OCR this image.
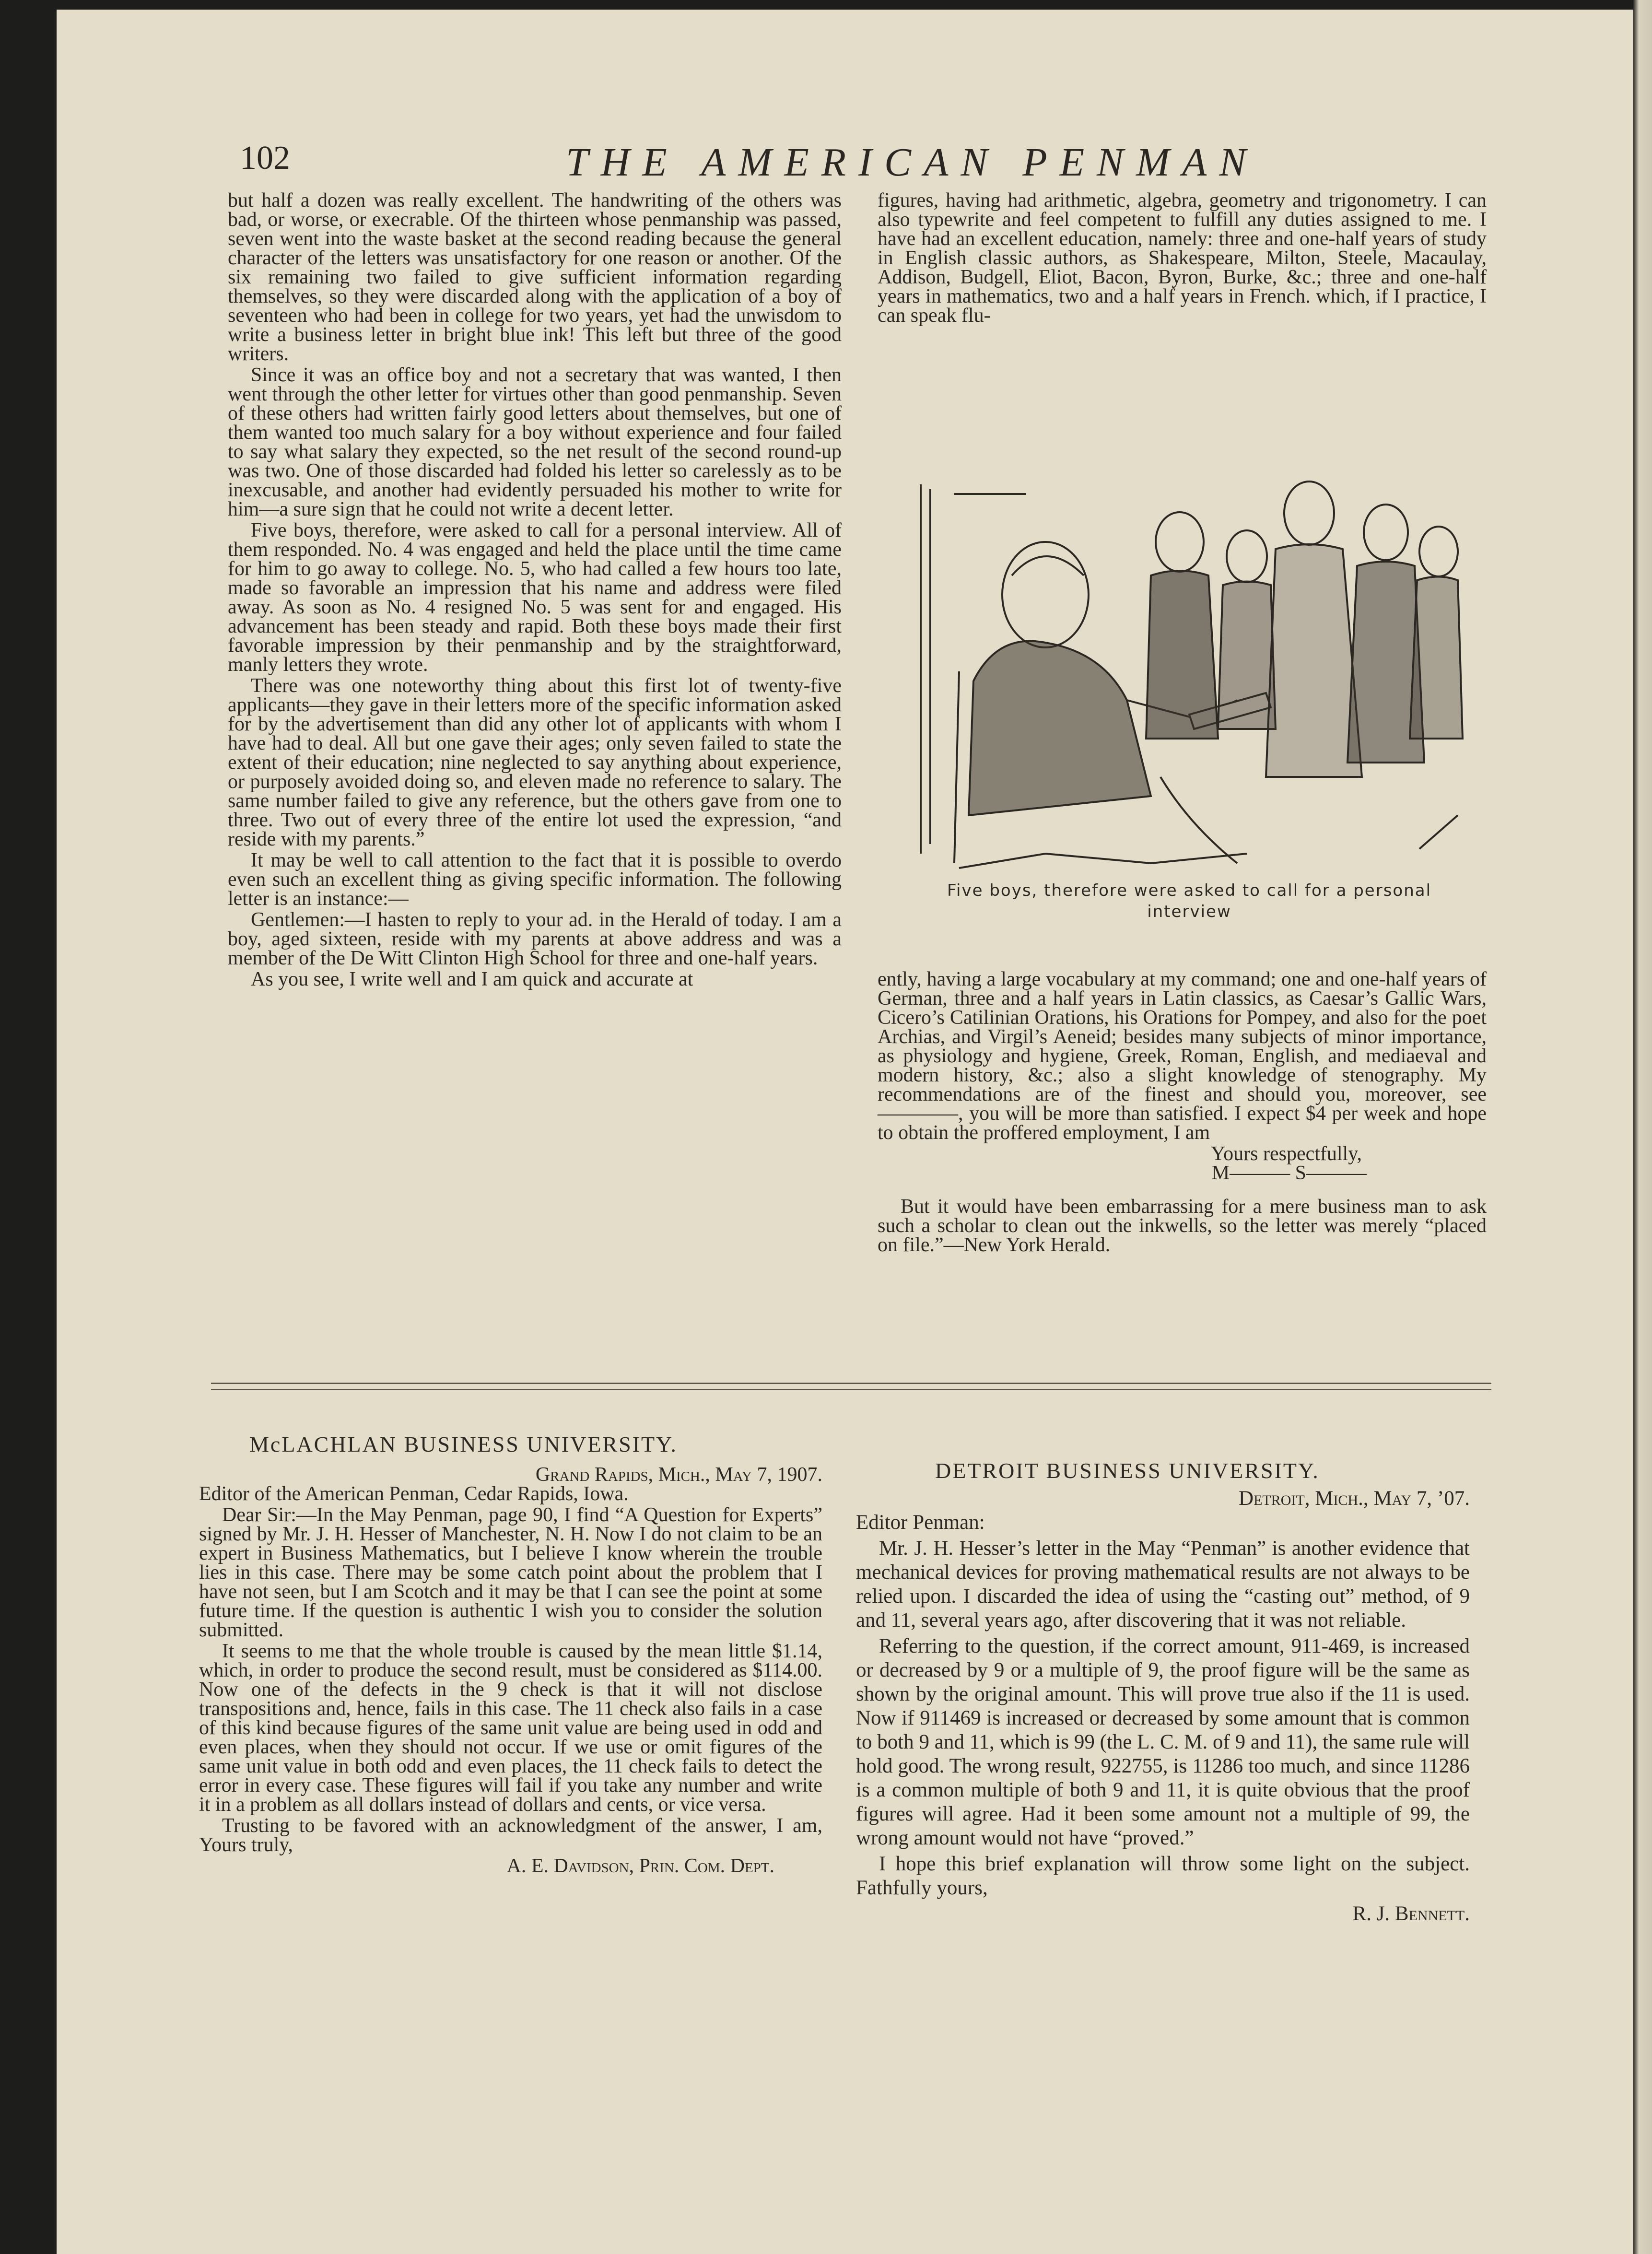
102	THE AMERICAN PENMAN

but half a dozen was really excellent. The handwriting of the others was bad, or worse, or execrable. Of the thirteen whose penmanship was passed, seven went into the waste basket at the second reading because the general character of the letters was unsatisfactory for one reason or another. Of the six remaining two failed to give sufficient information regarding themselves, so they were discarded along with the application of a boy of seventeen who had been in college for two years, yet had the unwisdom to write a business letter in bright blue ink! This left but three of the good writers.

Since it was an office boy and not a secretary that was wanted, I then went through the other letter for virtues other than good penmanship. Seven of these others had written fairly good letters about themselves, but one of them wanted too much salary for a boy without experience and four failed to say what salary they expected, so the net result of the second round-up was two. One of those discarded had folded his letter so carelessly as to be inexcusable, and another had evidently persuaded his mother to write for him—a sure sign that he could not write a decent letter.

Five boys, therefore, were asked to call for a personal interview. All of them responded. No. 4 was engaged and held the place until the time came for him to go away to college. No. 5, who had called a few hours too late, made so favorable an impression that his name and address were filed away. As soon as No. 4 resigned No. 5 was sent for and engaged. His advancement has been steady and rapid. Both these boys made their first favorable impression by their penmanship and by the straightforward, manly letters they wrote.

There was one noteworthy thing about this first lot of twenty-five applicants—they gave in their letters more of the specific information asked for by the advertisement than did any other lot of applicants with whom I have had to deal. All but one gave their ages; only seven failed to state the extent of their education; nine neglected to say anything about experience, or purposely avoided doing so, and eleven made no reference to salary. The same number failed to give any reference, but the others gave from one to three. Two out of every three of the entire lot used the expression, “and reside with my parents.”

It may be well to call attention to the fact that it is possible to overdo even such an excellent thing as giving specific information. The following letter is an instance:—

Gentlemen:—I hasten to reply to your ad. in the Herald of today. I am a boy, aged sixteen, reside with my parents at above address and was a member of the De Witt Clinton High School for three and one-half years.

As you see, I write well and I am quick and accurate at

figures, having had arithmetic, algebra, geometry and trigonometry. I can also typewrite and feel competent to fulfill any duties assigned to me. I have had an excellent education, namely: three and one-half years of study in English classic authors, as Shakespeare, Milton, Steele, Macaulay, Addison, Budgell, Eliot, Bacon, Byron, Burke, &c.; three and one-half years in mathematics, two and a half years in French. which, if I practice, I can speak flu-

Five boys, therefore were asked to call for a personal interview

ently, having a large vocabulary at my command; one and one-half years of German, three and a half years in Latin classics, as Caesar’s Gallic Wars, Cicero’s Catilinian Orations, his Orations for Pompey, and also for the poet Archias, and Virgil’s Aeneid; besides many subjects of minor importance, as physiology and hygiene, Greek, Roman, English, and mediaeval and modern history, &c.; also a slight knowledge of stenography. My recommendations are of the finest and should you, moreover, see ————, you will be more than satisfied. I expect $4 per week and hope to obtain the proffered employment, I am

Yours respectfully,
M——— S———

But it would have been embarrassing for a mere business man to ask such a scholar to clean out the inkwells, so the letter was merely “placed on file.”—New York Herald.

McLACHLAN BUSINESS UNIVERSITY.
Grand Rapids, Mich., May 7, 1907.

Editor of the American Penman, Cedar Rapids, Iowa.

Dear Sir:—In the May Penman, page 90, I find “A Question for Experts” signed by Mr. J. H. Hesser of Manchester, N. H. Now I do not claim to be an expert in Business Mathematics, but I believe I know wherein the trouble lies in this case. There may be some catch point about the problem that I have not seen, but I am Scotch and it may be that I can see the point at some future time. If the question is authentic I wish you to consider the solution submitted.

It seems to me that the whole trouble is caused by the mean little $1.14, which, in order to produce the second result, must be considered as $114.00. Now one of the defects in the 9 check is that it will not disclose transpositions and, hence, fails in this case. The 11 check also fails in a case of this kind because figures of the same unit value are being used in odd and even places, when they should not occur. If we use or omit figures of the same unit value in both odd and even places, the 11 check fails to detect the error in every case. These figures will fail if you take any number and write it in a problem as all dollars instead of dollars and cents, or vice versa.

Trusting to be favored with an acknowledgment of the answer, I am, Yours truly,

A. E. Davidson, Prin. Com. Dept.
DETROIT BUSINESS UNIVERSITY.
Detroit, Mich., May 7, ’07.

Editor Penman:

Mr. J. H. Hesser’s letter in the May “Penman” is another evidence that mechanical devices for proving mathematical results are not always to be relied upon. I discarded the idea of using the “casting out” method, of 9 and 11, several years ago, after discovering that it was not reliable.

Referring to the question, if the correct amount, 911-469, is increased or decreased by 9 or a multiple of 9, the proof figure will be the same as shown by the original amount. This will prove true also if the 11 is used. Now if 911469 is increased or decreased by some amount that is common to both 9 and 11, which is 99 (the L. C. M. of 9 and 11), the same rule will hold good. The wrong result, 922755, is 11286 too much, and since 11286 is a common multiple of both 9 and 11, it is quite obvious that the proof figures will agree. Had it been some amount not a multiple of 99, the wrong amount would not have “proved.”

I hope this brief explanation will throw some light on the subject. Fathfully yours,

R. J. Bennett.
